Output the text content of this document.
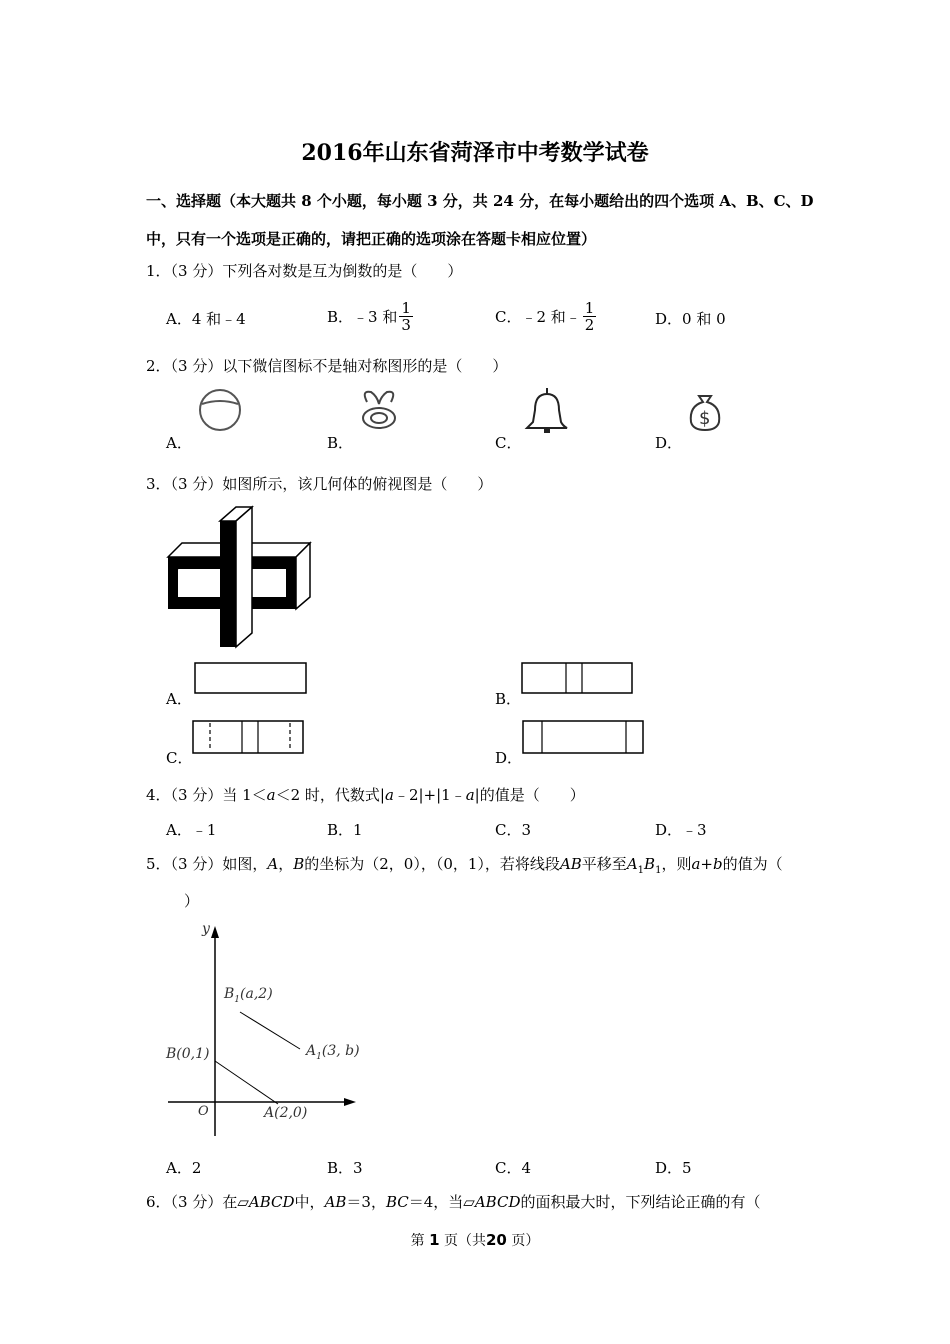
2016年山东省菏泽市中考数学试卷
一、选择题（本大题共 8 个小题，每小题 3 分，共 24 分，在每小题给出的四个选项 A、B、C、D
中，只有一个选项是正确的，请把正确的选项涂在答题卡相应位置）
1．（3 分）下列各对数是互为倒数的是（　　）
A．4 和﹣4	B．﹣3 和 $\frac{1}{3}$	C．﹣2 和﹣ $\frac{1}{2}$	D．0 和 0
2．（3 分）以下微信图标不是轴对称图形的是（　　）
$
A．	B．	C．	D．
3．（3 分）如图所示，该几何体的俯视图是（　　）
A．	B．
C．	D．
4．（3 分）当 1＜a＜2 时，代数式|a﹣2|+|1﹣a|的值是（　　）
A．﹣1	B．1	C．3	D．﹣3
5．（3 分）如图，A，B的坐标为（2，0），（0，1），若将线段AB平移至$A_1B_1$，则a+b的值为（
）
y
O
$B_1(a,2)$
$A_1(3$, b)
B(0,1)
A(2,0)
A．2	B．3	C．4	D．5
6．（3 分）在▱ABCD中，AB＝3，BC＝4，当▱ABCD的面积最大时，下列结论正确的有（
第 1 页（共20 页）
